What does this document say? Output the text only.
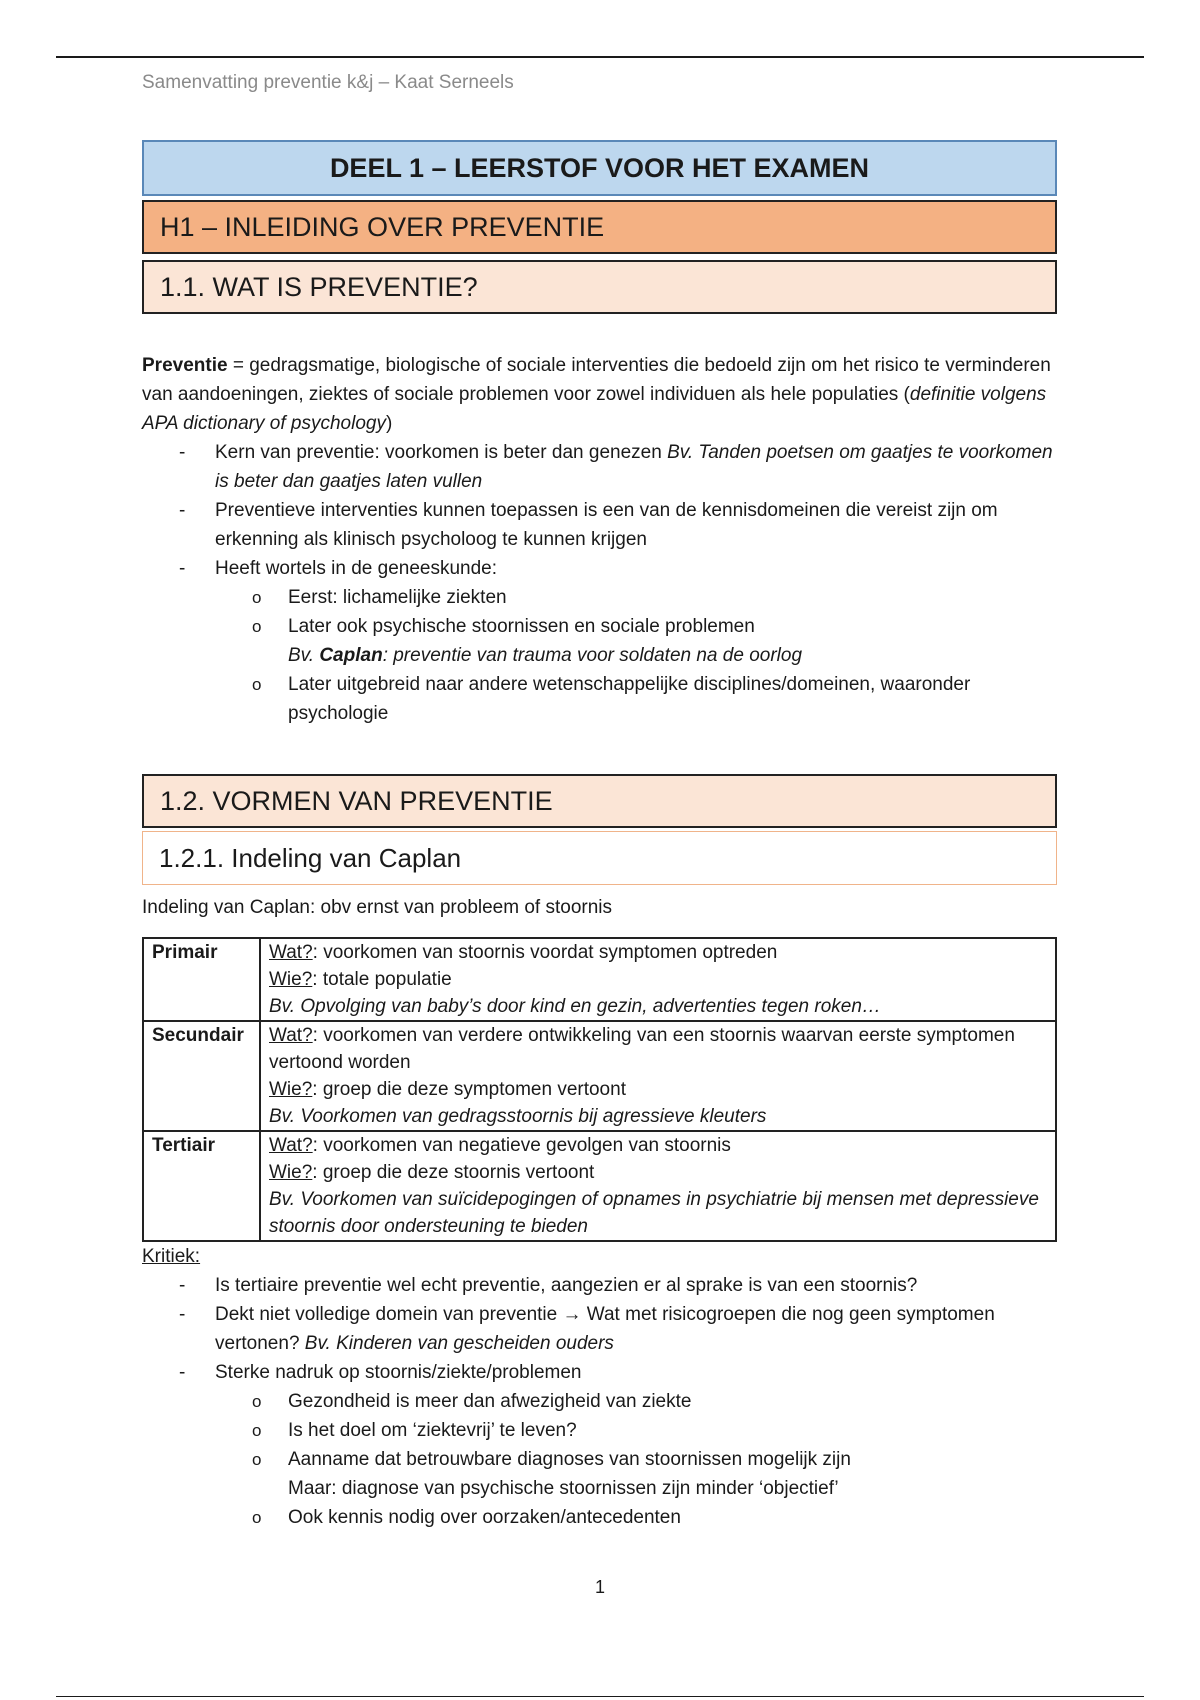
Samenvatting preventie k&j – Kaat Serneels
DEEL 1 – LEERSTOF VOOR HET EXAMEN
H1 – INLEIDING OVER PREVENTIE
1.1. WAT IS PREVENTIE?

Preventie = gedragsmatige, biologische of sociale interventies die bedoeld zijn om het risico te verminderen van aandoeningen, ziektes of sociale problemen voor zowel individuen als hele populaties (definitie volgens APA dictionary of psychology)

- Kern van preventie: voorkomen is beter dan genezen Bv. Tanden poetsen om gaatjes te voorkomen is beter dan gaatjes laten vullen
- Preventieve interventies kunnen toepassen is een van de kennisdomeinen die vereist zijn om erkenning als klinisch psycholoog te kunnen krijgen
- Heeft wortels in de geneeskunde:
o Eerst: lichamelijke ziekten
o Later ook psychische stoornissen en sociale problemen
Bv. Caplan: preventie van trauma voor soldaten na de oorlog
o Later uitgebreid naar andere wetenschappelijke disciplines/domeinen, waaronder psychologie
1.2. VORMEN VAN PREVENTIE
1.2.1. Indeling van Caplan

Indeling van Caplan: obv ernst van probleem of stoornis

Primair	Wat?: voorkomen van stoornis voordat symptomen optreden
Wie?: totale populatie
Bv. Opvolging van baby’s door kind en gezin, advertenties tegen roken…
Secundair	Wat?: voorkomen van verdere ontwikkeling van een stoornis waarvan eerste symptomen vertoond worden
Wie?: groep die deze symptomen vertoont
Bv. Voorkomen van gedragsstoornis bij agressieve kleuters
Tertiair	Wat?: voorkomen van negatieve gevolgen van stoornis
Wie?: groep die deze stoornis vertoont
Bv. Voorkomen van suïcidepogingen of opnames in psychiatrie bij mensen met depressieve stoornis door ondersteuning te bieden

Kritiek:

- Is tertiaire preventie wel echt preventie, aangezien er al sprake is van een stoornis?
- Dekt niet volledige domein van preventie → Wat met risicogroepen die nog geen symptomen vertonen? Bv. Kinderen van gescheiden ouders
- Sterke nadruk op stoornis/ziekte/problemen
o Gezondheid is meer dan afwezigheid van ziekte
o Is het doel om ‘ziektevrij’ te leven?
o Aanname dat betrouwbare diagnoses van stoornissen mogelijk zijn
Maar: diagnose van psychische stoornissen zijn minder ‘objectief’
o Ook kennis nodig over oorzaken/antecedenten
1
